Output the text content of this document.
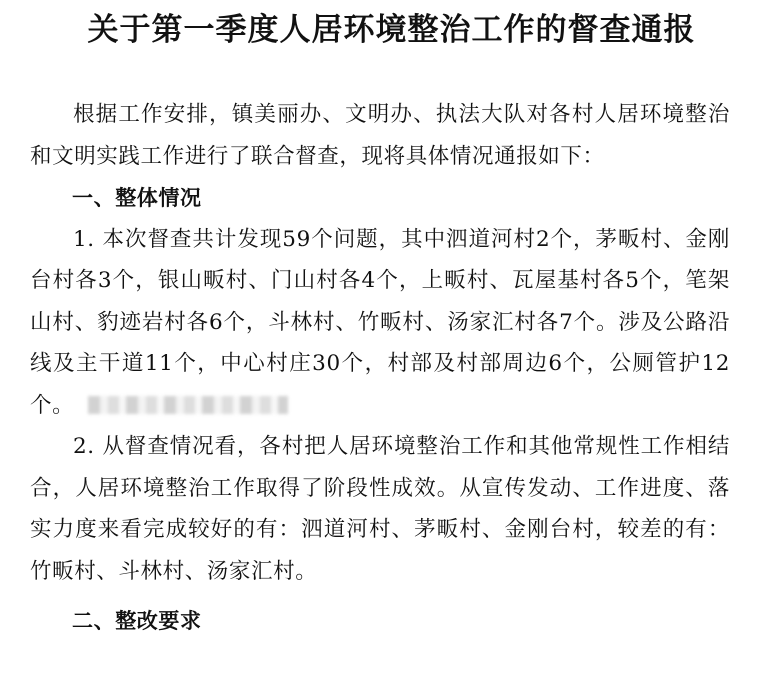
关于第一季度人居环境整治工作的督查通报

根据工作安排，镇美丽办、文明办、执法大队对各村人居环境整治和文明实践工作进行了联合督查，现将具体情况通报如下：

一、整体情况

1. 本次督查共计发现59个问题，其中泗道河村2个，茅畈村、金刚台村各3个，银山畈村、门山村各4个，上畈村、瓦屋基村各5个，笔架山村、豹迹岩村各6个，斗林村、竹畈村、汤家汇村各7个。涉及公路沿线及主干道11个，中心村庄30个，村部及村部周边6个，公厕管护12个。

2. 从督查情况看，各村把人居环境整治工作和其他常规性工作相结合，人居环境整治工作取得了阶段性成效。从宣传发动、工作进度、落实力度来看完成较好的有：泗道河村、茅畈村、金刚台村，较差的有：竹畈村、斗林村、汤家汇村。

二、整改要求
